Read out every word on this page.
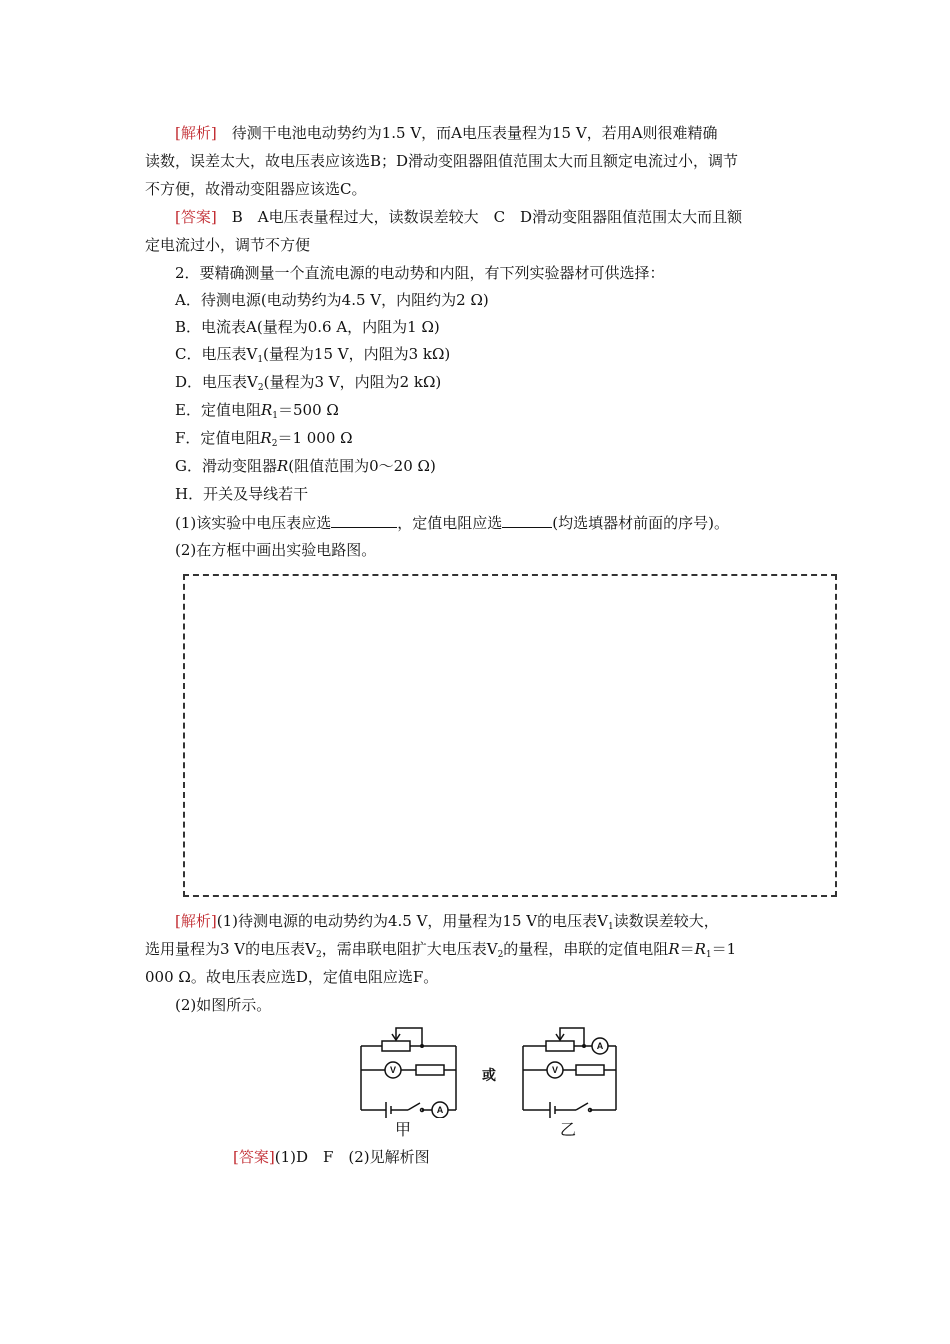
[解析]　待测干电池电动势约为1.5 V，而A电压表量程为15 V，若用A则很难精确
读数，误差太大，故电压表应该选B；D滑动变阻器阻值范围太大而且额定电流过小，调节
不方便，故滑动变阻器应该选C。
[答案]　B　A电压表量程过大，读数误差较大　C　D滑动变阻器阻值范围太大而且额
定电流过小，调节不方便
2．要精确测量一个直流电源的电动势和内阻，有下列实验器材可供选择：
A．待测电源(电动势约为4.5 V，内阻约为2 Ω)
B．电流表A(量程为0.6 A，内阻为1 Ω)
C．电压表$V_1$(量程为15 V，内阻为3 kΩ)
D．电压表$V_2$(量程为3 V，内阻为2 kΩ)
E．定值电阻$R_1=500$ Ω
F．定值电阻$R_2=1$ 000 Ω
G．滑动变阻器R(阻值范围为0～20 Ω)
H．开关及导线若干
(1)该实验中电压表应选	，定值电阻应选	(均选填器材前面的序号)。
(2)在方框中画出实验电路图。
[解析](1)待测电源的电动势约为4.5 V，用量程为15 V的电压表$V_1$读数误差较大，
选用量程为3 V的电压表$V_2$，需串联电阻扩大电压表$V_2$的量程，串联的定值电阻$R=R_1=1$
000 Ω。故电压表应选D，定值电阻应选F。
(2)如图所示。
V
A
V
A
或
甲	乙
[答案](1)D　F　(2)见解析图
